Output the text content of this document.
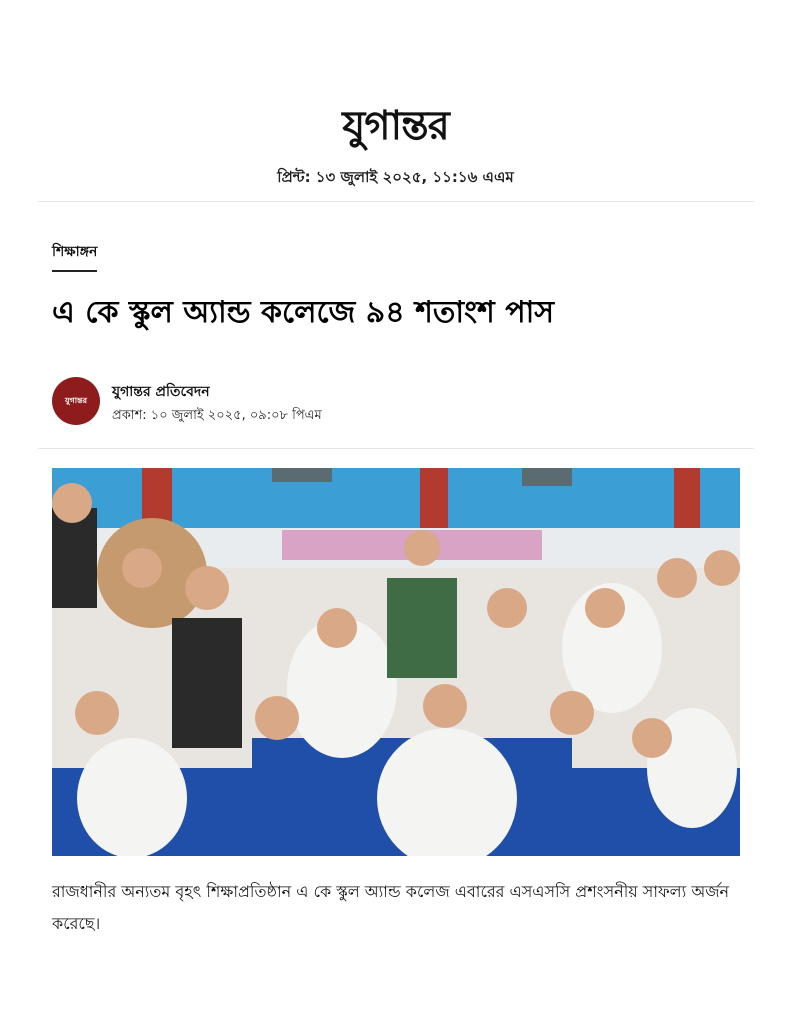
যুগান্তর
প্রিন্ট: ১৩ জুলাই ২০২৫, ১১:১৬ এএম
শিক্ষাঙ্গন
এ কে স্কুল অ্যান্ড কলেজে ৯৪ শতাংশ পাস
যুগান্তর যুগান্তর প্রতিবেদন
প্রকাশ: ১০ জুলাই ২০২৫, ০৯:০৮ পিএম

রাজধানীর অন্যতম বৃহৎ শিক্ষাপ্রতিষ্ঠান এ কে স্কুল অ্যান্ড কলেজ এবারের এসএসসি প্রশংসনীয় সাফল্য অর্জন করেছে।
